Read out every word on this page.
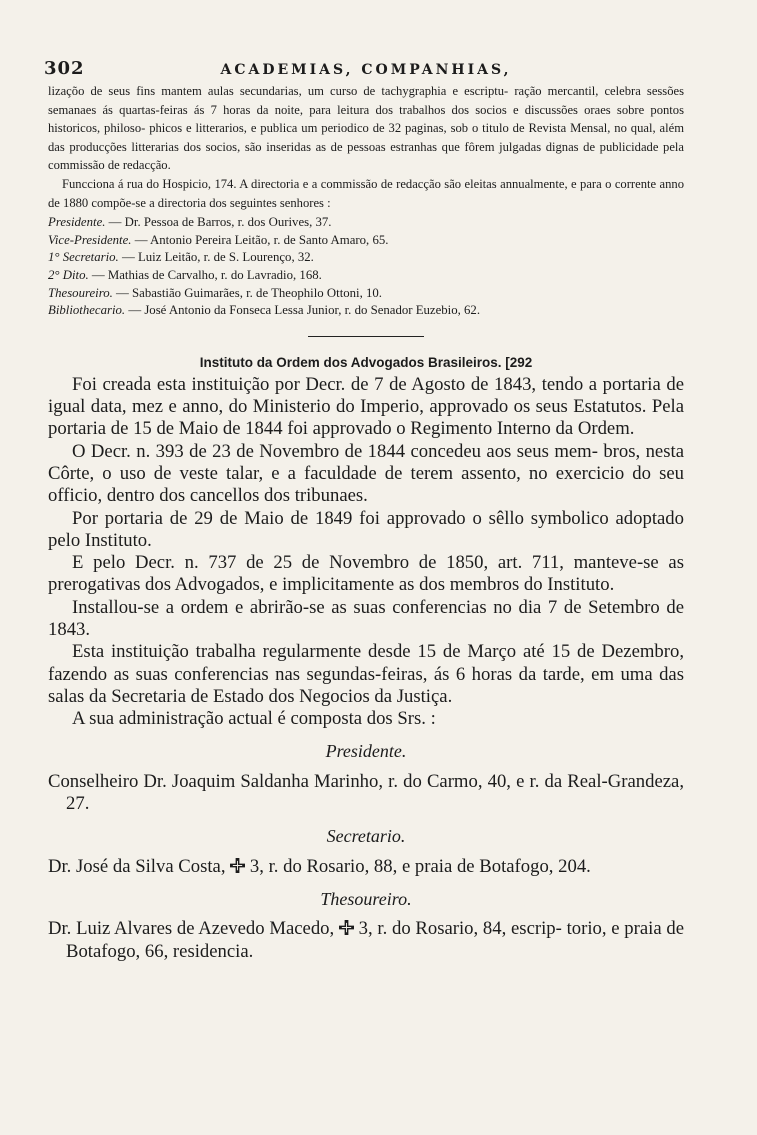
302	ACADEMIAS, COMPANHIAS,

lizaçõo de seus fins mantem aulas secundarias, um curso de tachygraphia e escriptu- ração mercantil, celebra sessões semanaes ás quartas-feiras ás 7 horas da noite, para leitura dos trabalhos dos socios e discussões oraes sobre pontos historicos, philoso- phicos e litterarios, e publica um periodico de 32 paginas, sob o titulo de Revista Mensal, no qual, além das producções litterarias dos socios, são inseridas as de pessoas estranhas que fôrem julgadas dignas de publicidade pela commissão de redacção.

Funcciona á rua do Hospicio, 174. A directoria e a commissão de redacção são eleitas annualmente, e para o corrente anno de 1880 compõe-se a directoria dos seguintes senhores :

Presidente. — Dr. Pessoa de Barros, r. dos Ourives, 37.
Vice-Presidente. — Antonio Pereira Leitão, r. de Santo Amaro, 65.
1° Secretario. — Luiz Leitão, r. de S. Lourenço, 32.
2° Dito. — Mathias de Carvalho, r. do Lavradio, 168.
Thesoureiro. — Sabastião Guimarães, r. de Theophilo Ottoni, 10.
Bibliothecario. — José Antonio da Fonseca Lessa Junior, r. do Senador Euzebio, 62.
Instituto da Ordem dos Advogados Brasileiros. [292

Foi creada esta instituição por Decr. de 7 de Agosto de 1843, tendo a portaria de igual data, mez e anno, do Ministerio do Imperio, approvado os seus Estatutos. Pela portaria de 15 de Maio de 1844 foi approvado o Regimento Interno da Ordem.

O Decr. n. 393 de 23 de Novembro de 1844 concedeu aos seus mem- bros, nesta Côrte, o uso de veste talar, e a faculdade de terem assento, no exercicio do seu officio, dentro dos cancellos dos tribunaes.

Por portaria de 29 de Maio de 1849 foi approvado o sêllo symbolico adoptado pelo Instituto.

E pelo Decr. n. 737 de 25 de Novembro de 1850, art. 711, manteve-se as prerogativas dos Advogados, e implicitamente as dos membros do Instituto.

Installou-se a ordem e abrirão-se as suas conferencias no dia 7 de Setembro de 1843.

Esta instituição trabalha regularmente desde 15 de Março até 15 de Dezembro, fazendo as suas conferencias nas segundas-feiras, ás 6 horas da tarde, em uma das salas da Secretaria de Estado dos Negocios da Justiça.

A sua administração actual é composta dos Srs. :

Presidente.

Conselheiro Dr. Joaquim Saldanha Marinho, r. do Carmo, 40, e r. da Real-Grandeza, 27.

Secretario.

Dr. José da Silva Costa, 3, r. do Rosario, 88, e praia de Botafogo, 204.

Thesoureiro.

Dr. Luiz Alvares de Azevedo Macedo, 3, r. do Rosario, 84, escrip- torio, e praia de Botafogo, 66, residencia.
